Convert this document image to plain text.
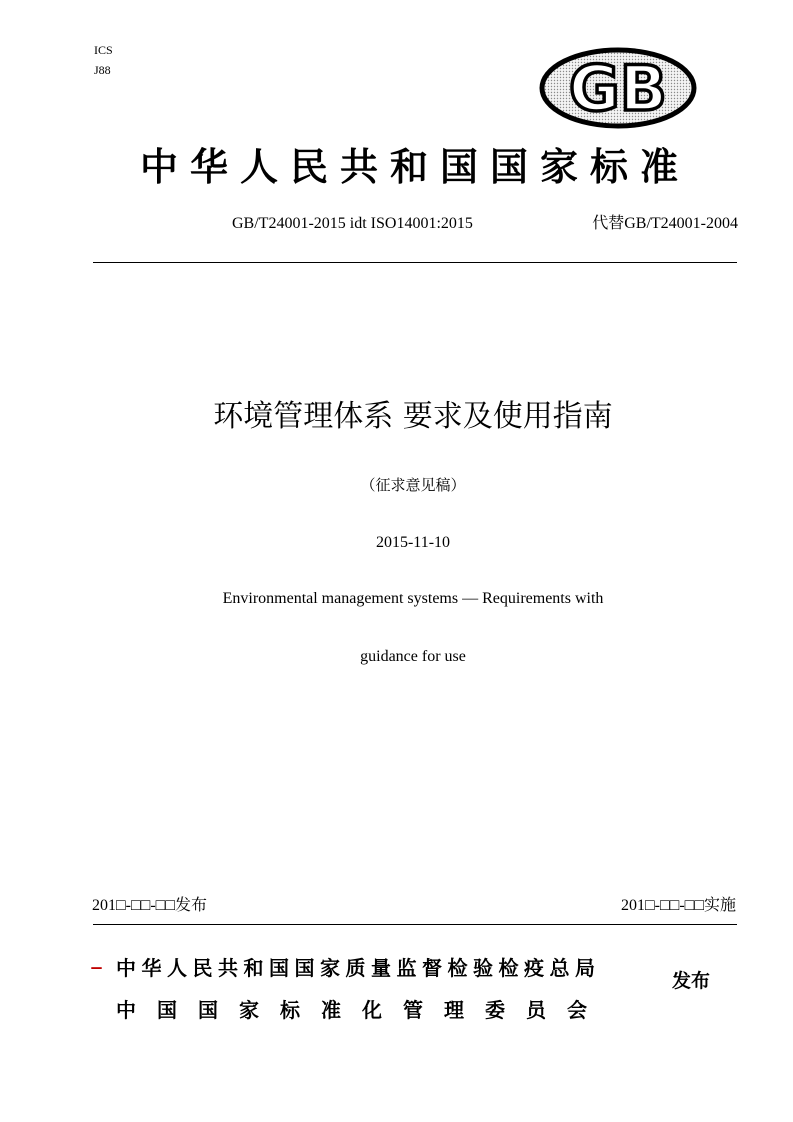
ICS
J88	GB
中华人民共和国国家标准
GB/T24001-2015 idt ISO14001:2015	代替GB/T24001-2004
环境管理体系 要求及使用指南
（征求意见稿）
2015-11-10
Environmental management systems — Requirements with
guidance for use
201□-□□-□□发布	201□-□□-□□实施
– 中华人民共和国国家质量监督检验检疫总局
中国国家标准化管理委员会
发布
